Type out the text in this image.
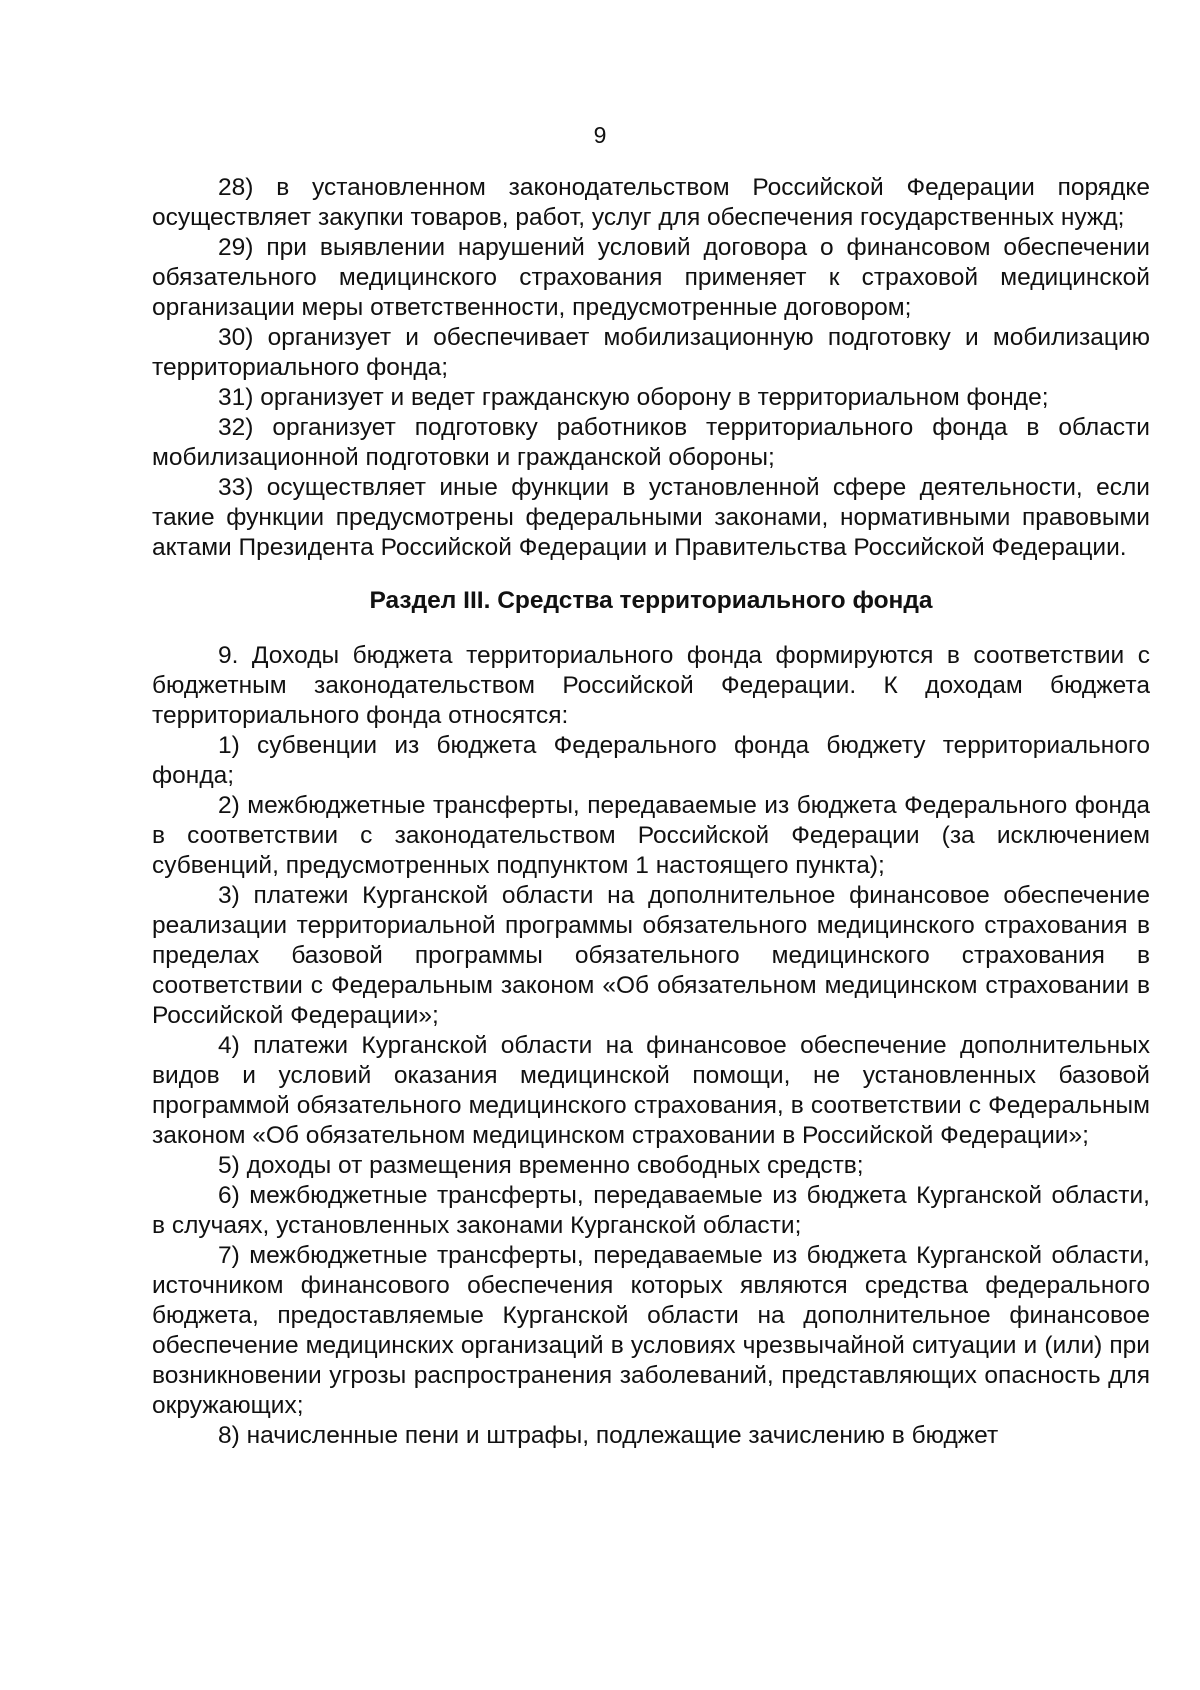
9

28) в установленном законодательством Российской Федерации порядке осуществляет закупки товаров, работ, услуг для обеспечения государственных нужд;

29) при выявлении нарушений условий договора о финансовом обеспечении обязательного медицинского страхования применяет к страховой медицинской организации меры ответственности, предусмотренные договором;

30) организует и обеспечивает мобилизационную подготовку и мобилизацию территориального фонда;

31) организует и ведет гражданскую оборону в территориальном фонде;

32) организует подготовку работников территориального фонда в области мобилизационной подготовки и гражданской обороны;

33) осуществляет иные функции в установленной сфере деятельности, если такие функции предусмотрены федеральными законами, нормативными правовыми актами Президента Российской Федерации и Правительства Российской Федерации.

Раздел III. Средства территориального фонда

9. Доходы бюджета территориального фонда формируются в соответствии с бюджетным законодательством Российской Федерации. К доходам бюджета территориального фонда относятся:

1) субвенции из бюджета Федерального фонда бюджету территориального фонда;

2) межбюджетные трансферты, передаваемые из бюджета Федерального фонда в соответствии с законодательством Российской Федерации (за исключением субвенций, предусмотренных подпунктом 1 настоящего пункта);

3) платежи Курганской области на дополнительное финансовое обеспечение реализации территориальной программы обязательного медицинского страхования в пределах базовой программы обязательного медицинского страхования в соответствии с Федеральным законом «Об обязательном медицинском страховании в Российской Федерации»;

4) платежи Курганской области на финансовое обеспечение дополнительных видов и условий оказания медицинской помощи, не установленных базовой программой обязательного медицинского страхования, в соответствии с Федеральным законом «Об обязательном медицинском страховании в Российской Федерации»;

5) доходы от размещения временно свободных средств;

6) межбюджетные трансферты, передаваемые из бюджета Курганской области, в случаях, установленных законами Курганской области;

7) межбюджетные трансферты, передаваемые из бюджета Курганской области, источником финансового обеспечения которых являются средства федерального бюджета, предоставляемые Курганской области на дополнительное финансовое обеспечение медицинских организаций в условиях чрезвычайной ситуации и (или) при возникновении угрозы распространения заболеваний, представляющих опасность для окружающих;

8) начисленные пени и штрафы, подлежащие зачислению в бюджет
